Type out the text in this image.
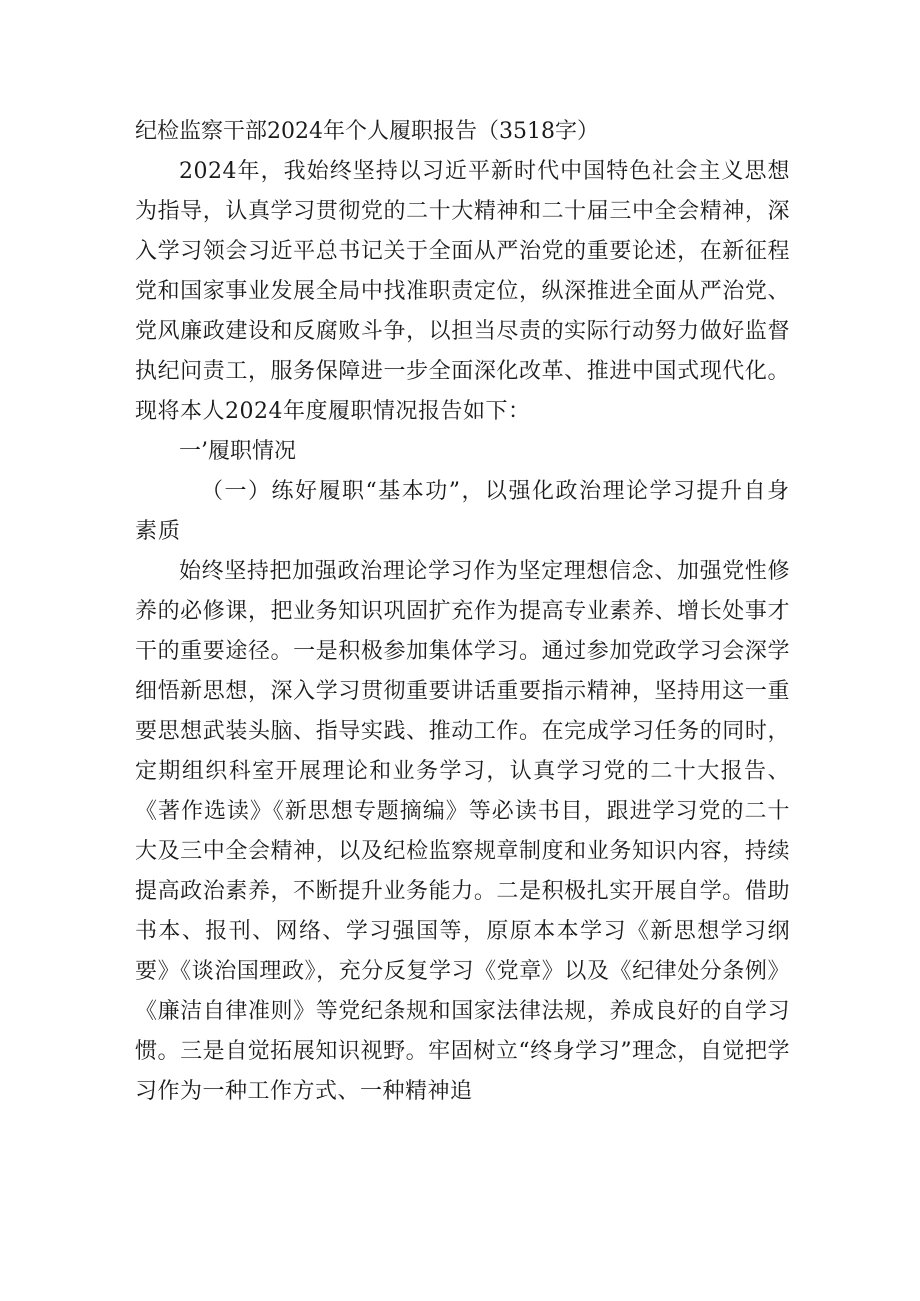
纪检监察干部2024年个人履职报告（3518字）

2024年，我始终坚持以习近平新时代中国特色社会主义思想为指导，认真学习贯彻党的二十大精神和二十届三中全会精神，深入学习领会习近平总书记关于全面从严治党的重要论述，在新征程党和国家事业发展全局中找准职责定位，纵深推进全面从严治党、党风廉政建设和反腐败斗争，以担当尽责的实际行动努力做好监督执纪问责工，服务保障进一步全面深化改革、推进中国式现代化。现将本人2024年度履职情况报告如下：

一’履职情况
（一）练好履职“基本功”，以强化政治理论学习提升自身素质

始终坚持把加强政治理论学习作为坚定理想信念、加强党性修养的必修课，把业务知识巩固扩充作为提高专业素养、增长处事才干的重要途径。一是积极参加集体学习。通过参加党政学习会深学细悟新思想，深入学习贯彻重要讲话重要指示精神，坚持用这一重要思想武装头脑、指导实践、推动工作。在完成学习任务的同时，定期组织科室开展理论和业务学习，认真学习党的二十大报告、《著作选读》《新思想专题摘编》等必读书目，跟进学习党的二十大及三中全会精神，以及纪检监察规章制度和业务知识内容，持续提高政治素养，不断提升业务能力。二是积极扎实开展自学。借助书本、报刊、网络、学习强国等，原原本本学习《新思想学习纲要》《谈治国理政》，充分反复学习《党章》以及《纪律处分条例》《廉洁自律准则》等党纪条规和国家法律法规，养成良好的自学习惯。三是自觉拓展知识视野。牢固树立“终身学习”理念，自觉把学习作为一种工作方式、一种精神追
